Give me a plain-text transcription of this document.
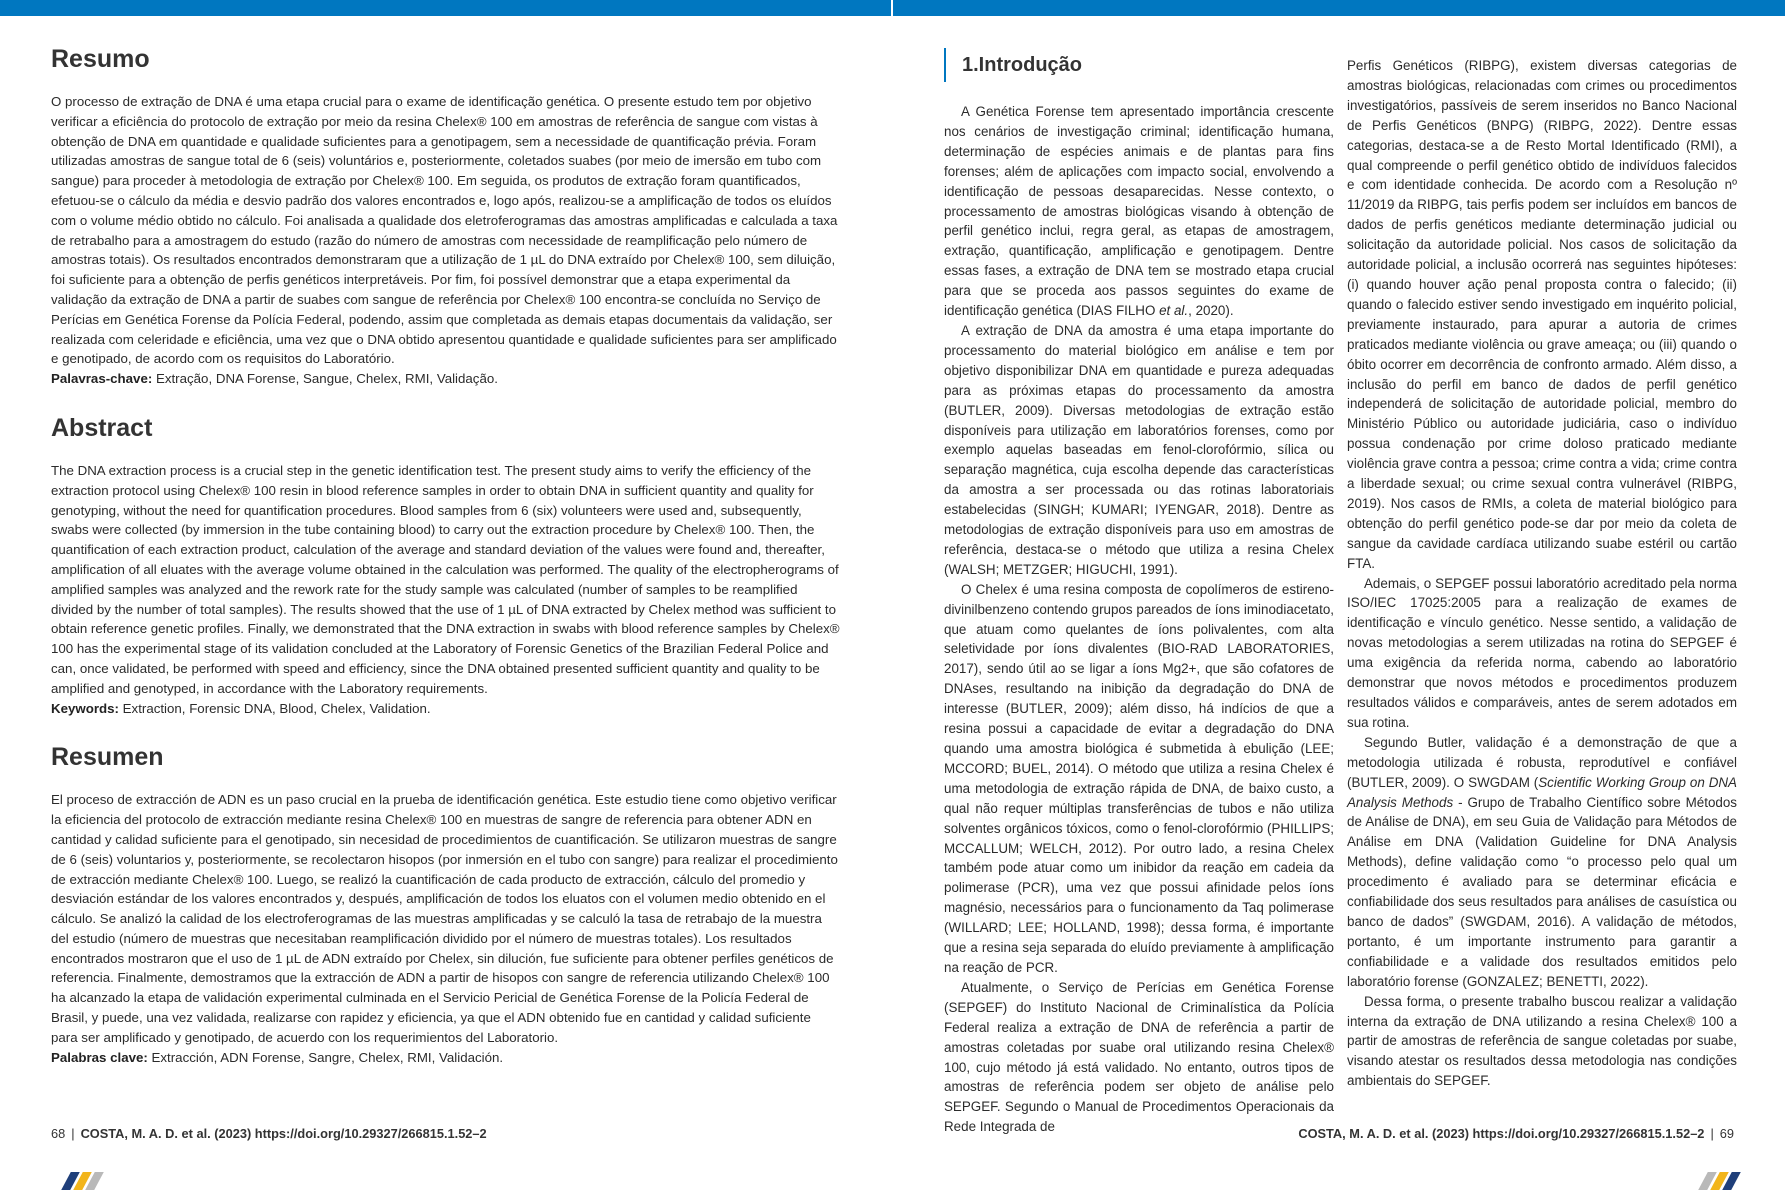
Resumo

O processo de extração de DNA é uma etapa crucial para o exame de identificação genética. O presente estudo tem por objetivo verificar a eficiência do protocolo de extração por meio da resina Chelex® 100 em amostras de referência de sangue com vistas à obtenção de DNA em quantidade e qualidade suficientes para a genotipagem, sem a necessidade de quantificação prévia. Foram utilizadas amostras de sangue total de 6 (seis) voluntários e, posteriormente, coletados suabes (por meio de imersão em tubo com sangue) para proceder à metodologia de extração por Chelex® 100. Em seguida, os produtos de extração foram quantificados, efetuou-se o cálculo da média e desvio padrão dos valores encontrados e, logo após, realizou-se a amplificação de todos os eluídos com o volume médio obtido no cálculo. Foi analisada a qualidade dos eletroferogramas das amostras amplificadas e calculada a taxa de retrabalho para a amostragem do estudo (razão do número de amostras com necessidade de reamplificação pelo número de amostras totais). Os resultados encontrados demonstraram que a utilização de 1 µL do DNA extraído por Chelex® 100, sem diluição, foi suficiente para a obtenção de perfis genéticos interpretáveis. Por fim, foi possível demonstrar que a etapa experimental da validação da extração de DNA a partir de suabes com sangue de referência por Chelex® 100 encontra-se concluída no Serviço de Perícias em Genética Forense da Polícia Federal, podendo, assim que completada as demais etapas documentais da validação, ser realizada com celeridade e eficiência, uma vez que o DNA obtido apresentou quantidade e qualidade suficientes para ser amplificado e genotipado, de acordo com os requisitos do Laboratório.

Palavras-chave: Extração, DNA Forense, Sangue, Chelex, RMI, Validação.

Abstract

The DNA extraction process is a crucial step in the genetic identification test. The present study aims to verify the efficiency of the extraction protocol using Chelex® 100 resin in blood reference samples in order to obtain DNA in sufficient quantity and quality for genotyping, without the need for quantification procedures. Blood samples from 6 (six) volunteers were used and, subsequently, swabs were collected (by immersion in the tube containing blood) to carry out the extraction procedure by Chelex® 100. Then, the quantification of each extraction product, calculation of the average and standard deviation of the values were found and, thereafter, amplification of all eluates with the average volume obtained in the calculation was performed. The quality of the electropherograms of amplified samples was analyzed and the rework rate for the study sample was calculated (number of samples to be reamplified divided by the number of total samples). The results showed that the use of 1 µL of DNA extracted by Chelex method was sufficient to obtain reference genetic profiles. Finally, we demonstrated that the DNA extraction in swabs with blood reference samples by Chelex® 100 has the experimental stage of its validation concluded at the Laboratory of Forensic Genetics of the Brazilian Federal Police and can, once validated, be performed with speed and efficiency, since the DNA obtained presented sufficient quantity and quality to be amplified and genotyped, in accordance with the Laboratory requirements.

Keywords: Extraction, Forensic DNA, Blood, Chelex, Validation.

Resumen

El proceso de extracción de ADN es un paso crucial en la prueba de identificación genética. Este estudio tiene como objetivo verificar la eficiencia del protocolo de extracción mediante resina Chelex® 100 en muestras de sangre de referencia para obtener ADN en cantidad y calidad suficiente para el genotipado, sin necesidad de procedimientos de cuantificación. Se utilizaron muestras de sangre de 6 (seis) voluntarios y, posteriormente, se recolectaron hisopos (por inmersión en el tubo con sangre) para realizar el procedimiento de extracción mediante Chelex® 100. Luego, se realizó la cuantificación de cada producto de extracción, cálculo del promedio y desviación estándar de los valores encontrados y, después, amplificación de todos los eluatos con el volumen medio obtenido en el cálculo. Se analizó la calidad de los electroferogramas de las muestras amplificadas y se calculó la tasa de retrabajo de la muestra del estudio (número de muestras que necesitaban reamplificación dividido por el número de muestras totales). Los resultados encontrados mostraron que el uso de 1 µL de ADN extraído por Chelex, sin dilución, fue suficiente para obtener perfiles genéticos de referencia. Finalmente, demostramos que la extracción de ADN a partir de hisopos con sangre de referencia utilizando Chelex® 100 ha alcanzado la etapa de validación experimental culminada en el Servicio Pericial de Genética Forense de la Policía Federal de Brasil, y puede, una vez validada, realizarse con rapidez y eficiencia, ya que el ADN obtenido fue en cantidad y calidad suficiente para ser amplificado y genotipado, de acuerdo con los requerimientos del Laboratorio.

Palabras clave: Extracción, ADN Forense, Sangre, Chelex, RMI, Validación.

1.Introdução

A Genética Forense tem apresentado importância crescente nos cenários de investigação criminal; identificação humana, determinação de espécies animais e de plantas para fins forenses; além de aplicações com impacto social, envolvendo a identificação de pessoas desaparecidas. Nesse contexto, o processamento de amostras biológicas visando à obtenção de perfil genético inclui, regra geral, as etapas de amostragem, extração, quantificação, amplificação e genotipagem. Dentre essas fases, a extração de DNA tem se mostrado etapa crucial para que se proceda aos passos seguintes do exame de identificação genética (DIAS FILHO et al., 2020).

A extração de DNA da amostra é uma etapa importante do processamento do material biológico em análise e tem por objetivo disponibilizar DNA em quantidade e pureza adequadas para as próximas etapas do processamento da amostra (BUTLER, 2009). Diversas metodologias de extração estão disponíveis para utilização em laboratórios forenses, como por exemplo aquelas baseadas em fenol-clorofórmio, sílica ou separação magnética, cuja escolha depende das características da amostra a ser processada ou das rotinas laboratoriais estabelecidas (SINGH; KUMARI; IYENGAR, 2018). Dentre as metodologias de extração disponíveis para uso em amostras de referência, destaca-se o método que utiliza a resina Chelex (WALSH; METZGER; HIGUCHI, 1991).

O Chelex é uma resina composta de copolímeros de estireno-divinilbenzeno contendo grupos pareados de íons iminodiacetato, que atuam como quelantes de íons polivalentes, com alta seletividade por íons divalentes (BIO-RAD LABORATORIES, 2017), sendo útil ao se ligar a íons Mg2+, que são cofatores de DNAses, resultando na inibição da degradação do DNA de interesse (BUTLER, 2009); além disso, há indícios de que a resina possui a capacidade de evitar a degradação do DNA quando uma amostra biológica é submetida à ebulição (LEE; MCCORD; BUEL, 2014). O método que utiliza a resina Chelex é uma metodologia de extração rápida de DNA, de baixo custo, a qual não requer múltiplas transferências de tubos e não utiliza solventes orgânicos tóxicos, como o fenol-clorofórmio (PHILLIPS; MCCALLUM; WELCH, 2012). Por outro lado, a resina Chelex também pode atuar como um inibidor da reação em cadeia da polimerase (PCR), uma vez que possui afinidade pelos íons magnésio, necessários para o funcionamento da Taq polimerase (WILLARD; LEE; HOLLAND, 1998); dessa forma, é importante que a resina seja separada do eluído previamente à amplificação na reação de PCR.

Atualmente, o Serviço de Perícias em Genética Forense (SEPGEF) do Instituto Nacional de Criminalística da Polícia Federal realiza a extração de DNA de referência a partir de amostras coletadas por suabe oral utilizando resina Chelex® 100, cujo método já está validado. No entanto, outros tipos de amostras de referência podem ser objeto de análise pelo SEPGEF. Segundo o Manual de Procedimentos Operacionais da Rede Integrada de

Perfis Genéticos (RIBPG), existem diversas categorias de amostras biológicas, relacionadas com crimes ou procedimentos investigatórios, passíveis de serem inseridos no Banco Nacional de Perfis Genéticos (BNPG) (RIBPG, 2022). Dentre essas categorias, destaca-se a de Resto Mortal Identificado (RMI), a qual compreende o perfil genético obtido de indivíduos falecidos e com identidade conhecida. De acordo com a Resolução nº 11/2019 da RIBPG, tais perfis podem ser incluídos em bancos de dados de perfis genéticos mediante determinação judicial ou solicitação da autoridade policial. Nos casos de solicitação da autoridade policial, a inclusão ocorrerá nas seguintes hipóteses: (i) quando houver ação penal proposta contra o falecido; (ii) quando o falecido estiver sendo investigado em inquérito policial, previamente instaurado, para apurar a autoria de crimes praticados mediante violência ou grave ameaça; ou (iii) quando o óbito ocorrer em decorrência de confronto armado. Além disso, a inclusão do perfil em banco de dados de perfil genético independerá de solicitação de autoridade policial, membro do Ministério Público ou autoridade judiciária, caso o indivíduo possua condenação por crime doloso praticado mediante violência grave contra a pessoa; crime contra a vida; crime contra a liberdade sexual; ou crime sexual contra vulnerável (RIBPG, 2019). Nos casos de RMIs, a coleta de material biológico para obtenção do perfil genético pode-se dar por meio da coleta de sangue da cavidade cardíaca utilizando suabe estéril ou cartão FTA.

Ademais, o SEPGEF possui laboratório acreditado pela norma ISO/IEC 17025:2005 para a realização de exames de identificação e vínculo genético. Nesse sentido, a validação de novas metodologias a serem utilizadas na rotina do SEPGEF é uma exigência da referida norma, cabendo ao laboratório demonstrar que novos métodos e procedimentos produzem resultados válidos e comparáveis, antes de serem adotados em sua rotina.

Segundo Butler, validação é a demonstração de que a metodologia utilizada é robusta, reprodutível e confiável (BUTLER, 2009). O SWGDAM (Scientific Working Group on DNA Analysis Methods - Grupo de Trabalho Científico sobre Métodos de Análise de DNA), em seu Guia de Validação para Métodos de Análise em DNA (Validation Guideline for DNA Analysis Methods), define validação como “o processo pelo qual um procedimento é avaliado para se determinar eficácia e confiabilidade dos seus resultados para análises de casuística ou banco de dados” (SWGDAM, 2016). A validação de métodos, portanto, é um importante instrumento para garantir a confiabilidade e a validade dos resultados emitidos pelo laboratório forense (GONZALEZ; BENETTI, 2022).

Dessa forma, o presente trabalho buscou realizar a validação interna da extração de DNA utilizando a resina Chelex® 100 a partir de amostras de referência de sangue coletadas por suabe, visando atestar os resultados dessa metodologia nas condições ambientais do SEPGEF.

68 | COSTA, M. A. D. et al. (2023) https://doi.org/10.29327/266815.1.52–2	COSTA, M. A. D. et al. (2023) https://doi.org/10.29327/266815.1.52–2 | 69
